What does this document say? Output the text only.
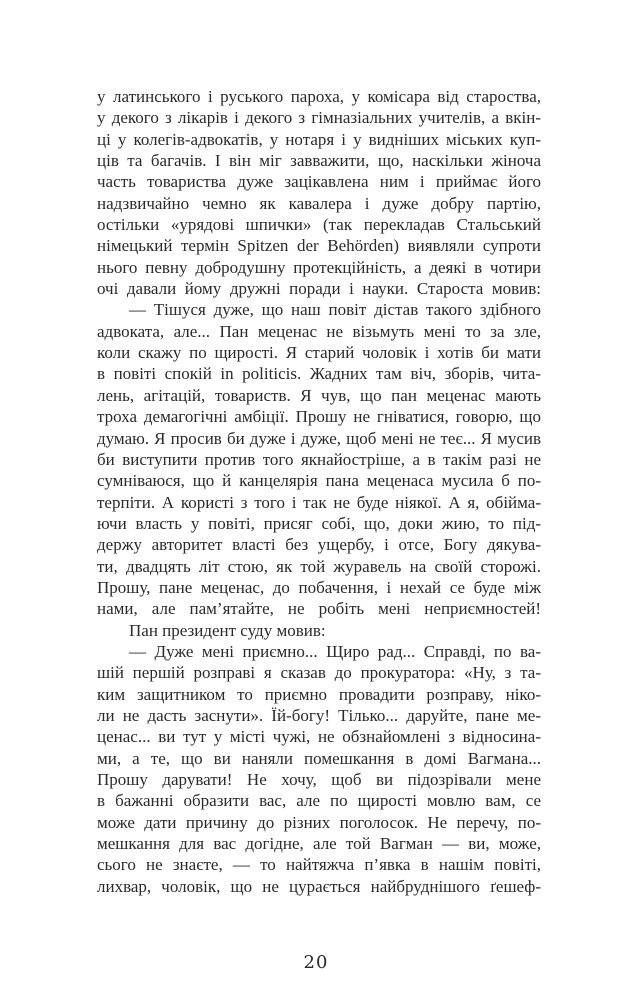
у латинського і руського пароха, у комісара від староства,
у декого з лікарів і декого з гімназіальних учителів, а вкін-
ці у колегів-адвокатів, у нотаря і у видніших міських куп-
ців та багачів. І він міг завважити, що, наскільки жіноча
часть товариства дуже зацікавлена ним і приймає його
надзвичайно чемно як кавалера і дуже добру партію,
остільки «урядові шпички» (так перекладав Стальський
німецький термін Spitzen der Behörden) виявляли супроти
нього певну добродушну протекційність, а деякі в чотири
очі давали йому дружні поради і науки. Староста мовив:
— Тішуся дуже, що наш повіт дістав такого здібного
адвоката, але... Пан меценас не візьмуть мені то за зле,
коли скажу по щирості. Я старий чоловік і хотів би мати
в повіті спокій in politicis. Жадних там віч, зборів, чита-
лень, агітацій, товариств. Я чув, що пан меценас мають
троха демагогічні амбіції. Прошу не гніватися, говорю, що
думаю. Я просив би дуже і дуже, щоб мені не теє... Я мусив
би виступити против того якнайостріше, а в такім разі не
сумніваюся, що й канцелярія пана меценаса мусила б по-
терпіти. А користі з того і так не буде ніякої. А я, обійма-
ючи власть у повіті, присяг собі, що, доки жию, то під-
держу авторитет власті без ущербу, і отсе, Богу дякува-
ти, двадцять літ стою, як той журавель на своїй сторожі.
Прошу, пане меценас, до побачення, і нехай се буде між
нами, але пам’ятайте, не робіть мені неприємностей!
Пан президент суду мовив:
— Дуже мені приємно... Щиро рад... Справді, по ва-
шій першій розправі я сказав до прокуратора: «Ну, з та-
ким защитником то приємно провадити розправу, ніко-
ли не дасть заснути». Їй-богу! Тілько... даруйте, пане ме-
ценас... ви тут у місті чужі, не обзнайомлені з відносина-
ми, а те, що ви наняли помешкання в домі Вагмана...
Прошу дарувати! Не хочу, щоб ви підозрівали мене
в бажанні образити вас, але по щирості мовлю вам, се
може дати причину до різних поголосок. Не перечу, по-
мешкання для вас догідне, але той Вагман — ви, може,
сього не знаєте, — то найтяжча п’явка в нашім повіті,
лихвар, чоловік, що не цурається найбруднішого ґешеф-
20
